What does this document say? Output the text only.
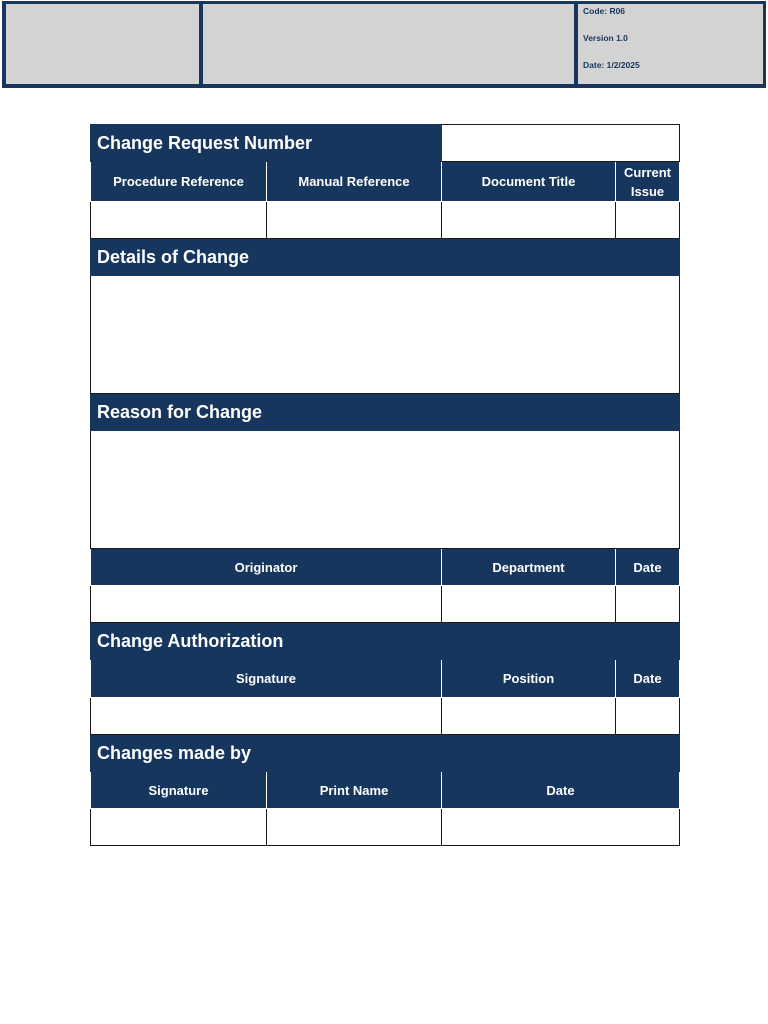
Code: R06
Version 1.0
Date: 1/2/2025
Change Request Number			
Procedure Reference	Manual Reference	Document Title	Current
Issue

Details of Change			

Reason for Change			

Originator		Department	Date

Change Authorization			
Signature		Position	Date

Changes made by			
Signature	Print Name	Date	
